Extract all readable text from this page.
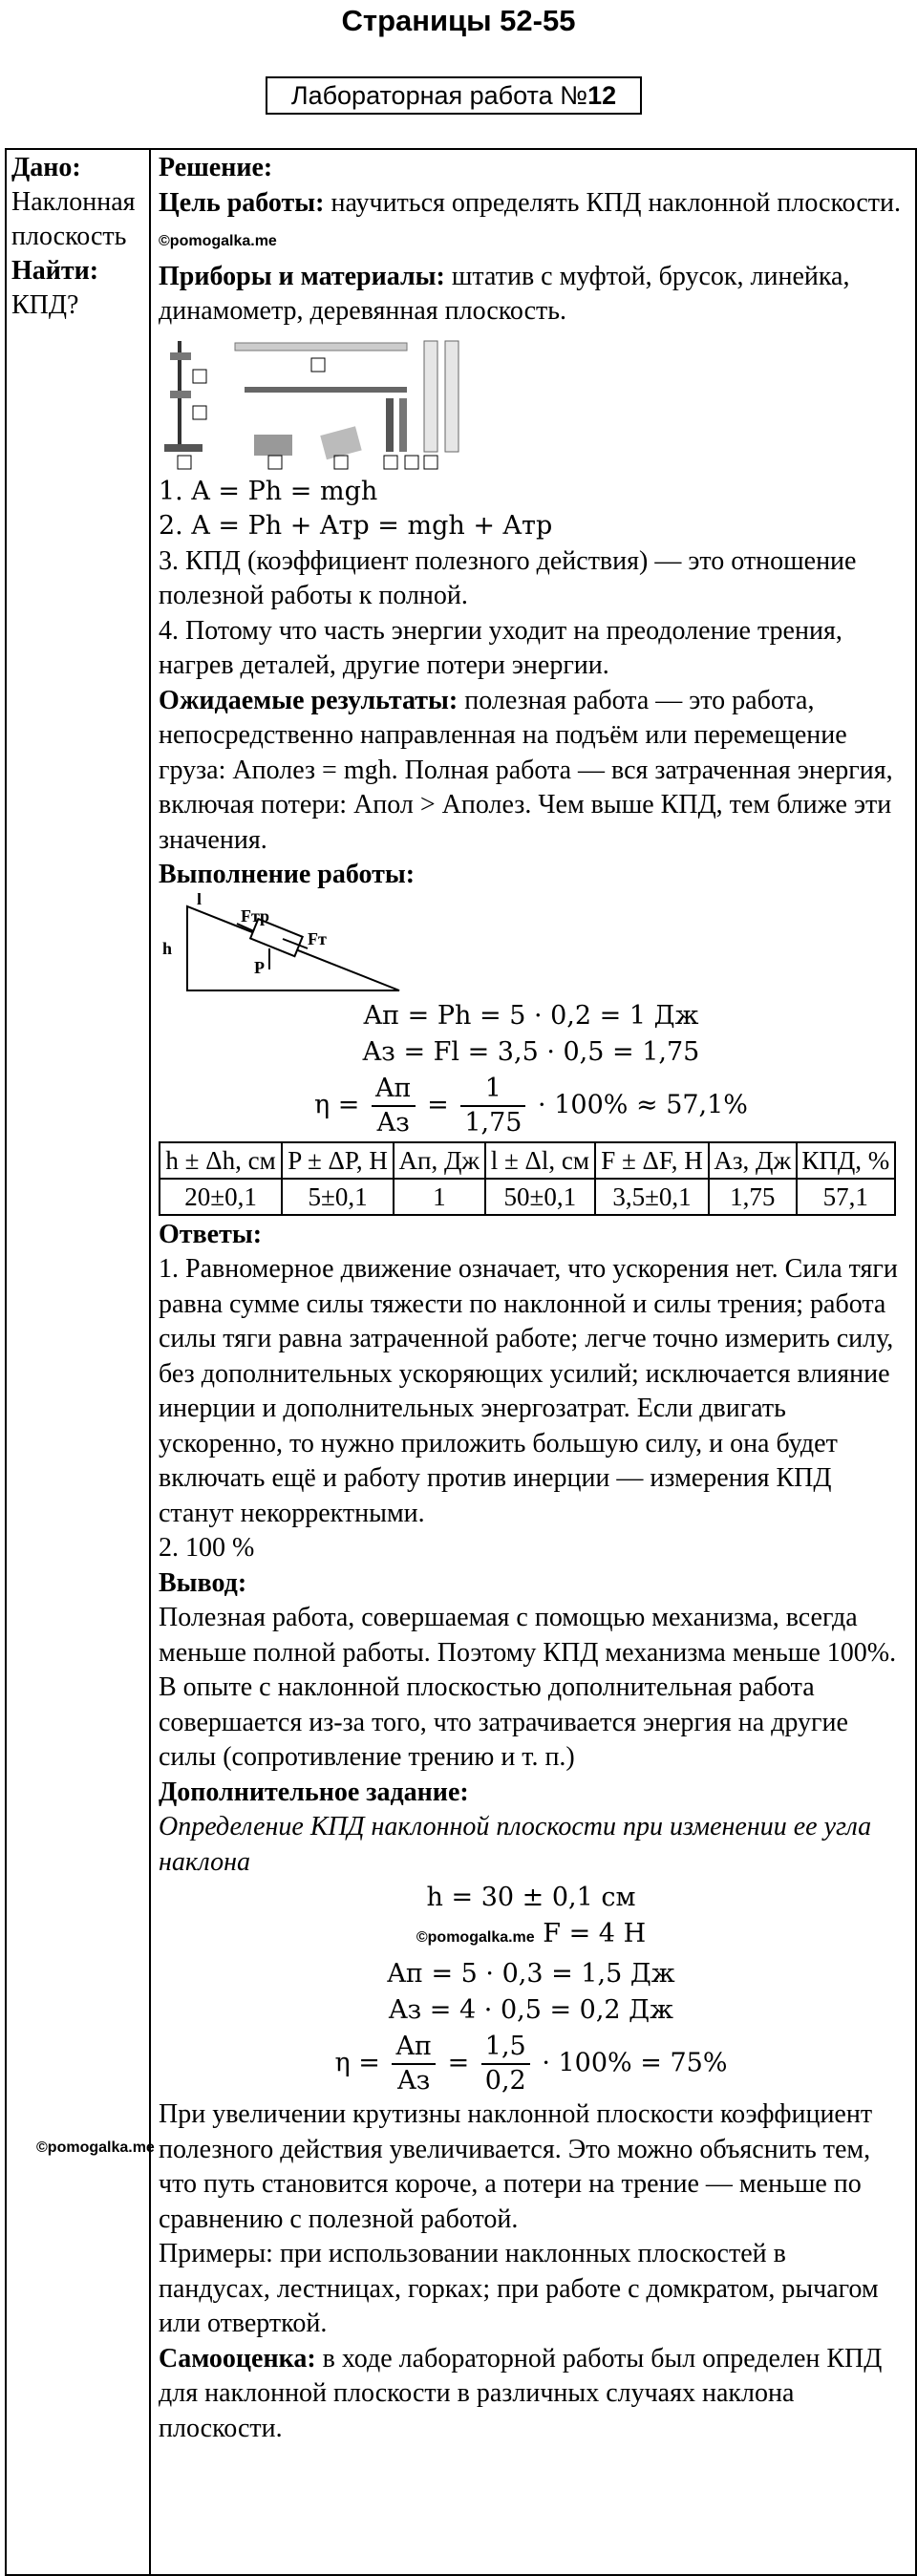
Страницы 52-55
Лабораторная работа №12
Дано:
Наклонная плоскость
Найти:
КПД?

Решение:

Цель работы: научиться определять КПД наклонной плоскости. ©pomogalka.me

Приборы и материалы: штатив с муфтой, брусок, линейка, динамометр, деревянная плоскость.

1. A = Ph = mgh

2. A = Ph + Aтр = mgh + Aтр

3. КПД (коэффициент полезного действия) — это отношение полезной работы к полной.

4. Потому что часть энергии уходит на преодоление трения, нагрев деталей, другие потери энергии.

Ожидаемые результаты: полезная работа — это работа, непосредственно направленная на подъём или перемещение груза: Aполез = mgh. Полная работа — вся затраченная энергия, включая потери: Aпол > Aполез. Чем выше КПД, тем ближе эти значения.

Выполнение работы:

l
h
Fтр
Fт
P
Aп = Ph = 5 · 0,2 = 1 Дж
Aз = Fl = 3,5 · 0,5 = 1,75
$\eta = \frac{Aп}{Aз} = \frac{1}{1,75} \cdot 100\% \approx 57,1\%$
h ± Δh, см	P ± ΔP, Н	Aп, Дж	l ± Δl, см	F ± ΔF, Н	Aз, Дж	КПД, %
20±0,1	5±0,1	1	50±0,1	3,5±0,1	1,75	57,1

Ответы:

1. Равномерное движение означает, что ускорения нет. Сила тяги равна сумме силы тяжести по наклонной и силы трения; работа силы тяги равна затраченной работе; легче точно измерить силу, без дополнительных ускоряющих усилий; исключается влияние инерции и дополнительных энергозатрат. Если двигать ускоренно, то нужно приложить большую силу, и она будет включать ещё и работу против инерции — измерения КПД станут некорректными.

2. 100 %

Вывод:

Полезная работа, совершаемая с помощью механизма, всегда меньше полной работы. Поэтому КПД механизма меньше 100%. В опыте с наклонной плоскостью дополнительная работа совершается из-за того, что затрачивается энергия на другие силы (сопротивление трению и т. п.)

Дополнительное задание:

Определение КПД наклонной плоскости при изменении ее угла наклона

h = 30 ± 0,1 см
©pomogalka.me F = 4 Н
Aп = 5 · 0,3 = 1,5 Дж
Aз = 4 · 0,5 = 0,2 Дж
$\eta = \frac{Aп}{Aз} = \frac{1,5}{0,2} \cdot 100\% = 75\%$

При увеличении крутизны наклонной плоскости коэффициент полезного действия увеличивается. Это можно объяснить тем, что путь становится короче, а потери на трение — меньше по сравнению с полезной работой.

Примеры: при использовании наклонных плоскостей в пандусах, лестницах, горках; при работе с домкратом, рычагом или отверткой.

Самооценка: в ходе лабораторной работы был определен КПД для наклонной плоскости в различных случаях наклона плоскости.

©pomogalka.me
